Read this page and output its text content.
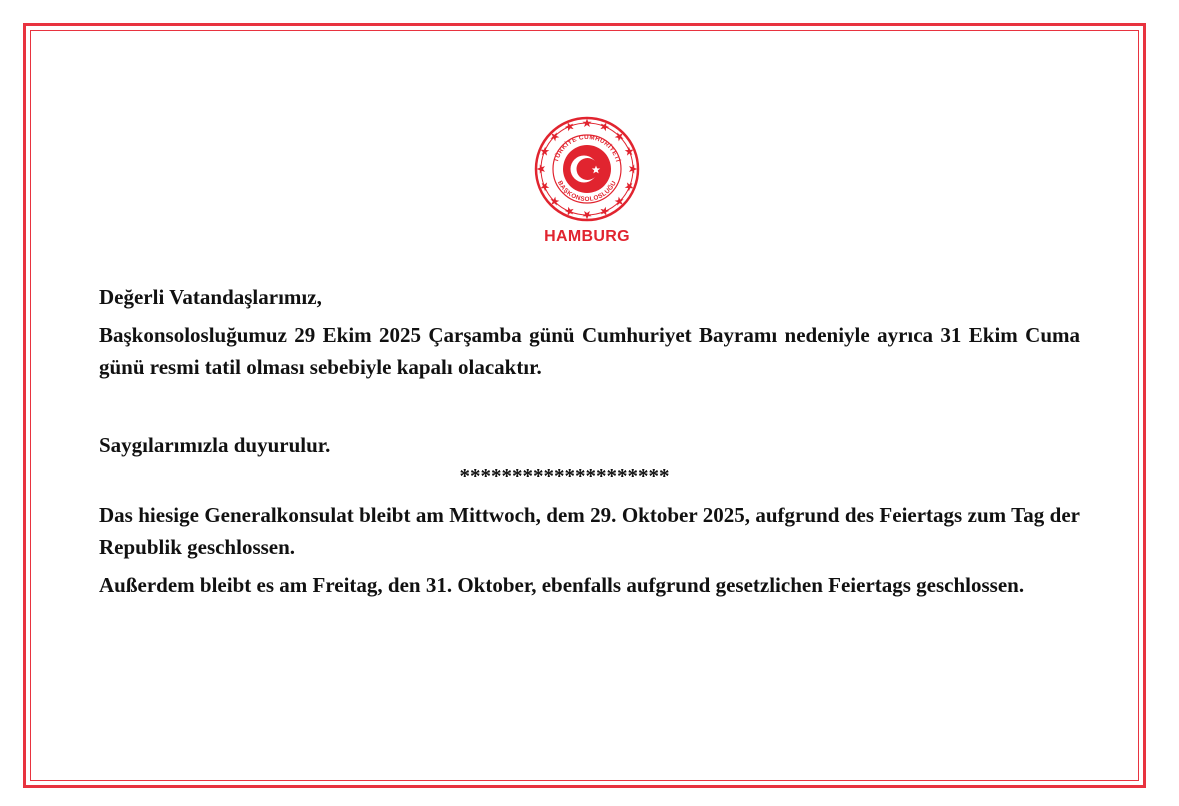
TÜRKİYE CUMHURİYETİ
BAŞKONSOLOSLUĞU
HAMBURG

Değerli Vatandaşlarımız,

Başkonsolosluğumuz 29 Ekim 2025 Çarşamba günü Cumhuriyet Bayramı nedeniyle ayrıca 31 Ekim Cuma günü resmi tatil olması sebebiyle kapalı olacaktır.

Saygılarımızla duyurulur.

********************

Das hiesige Generalkonsulat bleibt am Mittwoch, dem 29. Oktober 2025, aufgrund des Feiertags zum Tag der Republik geschlossen.

Außerdem bleibt es am Freitag, den 31. Oktober, ebenfalls aufgrund gesetzlichen Feiertags geschlossen.
